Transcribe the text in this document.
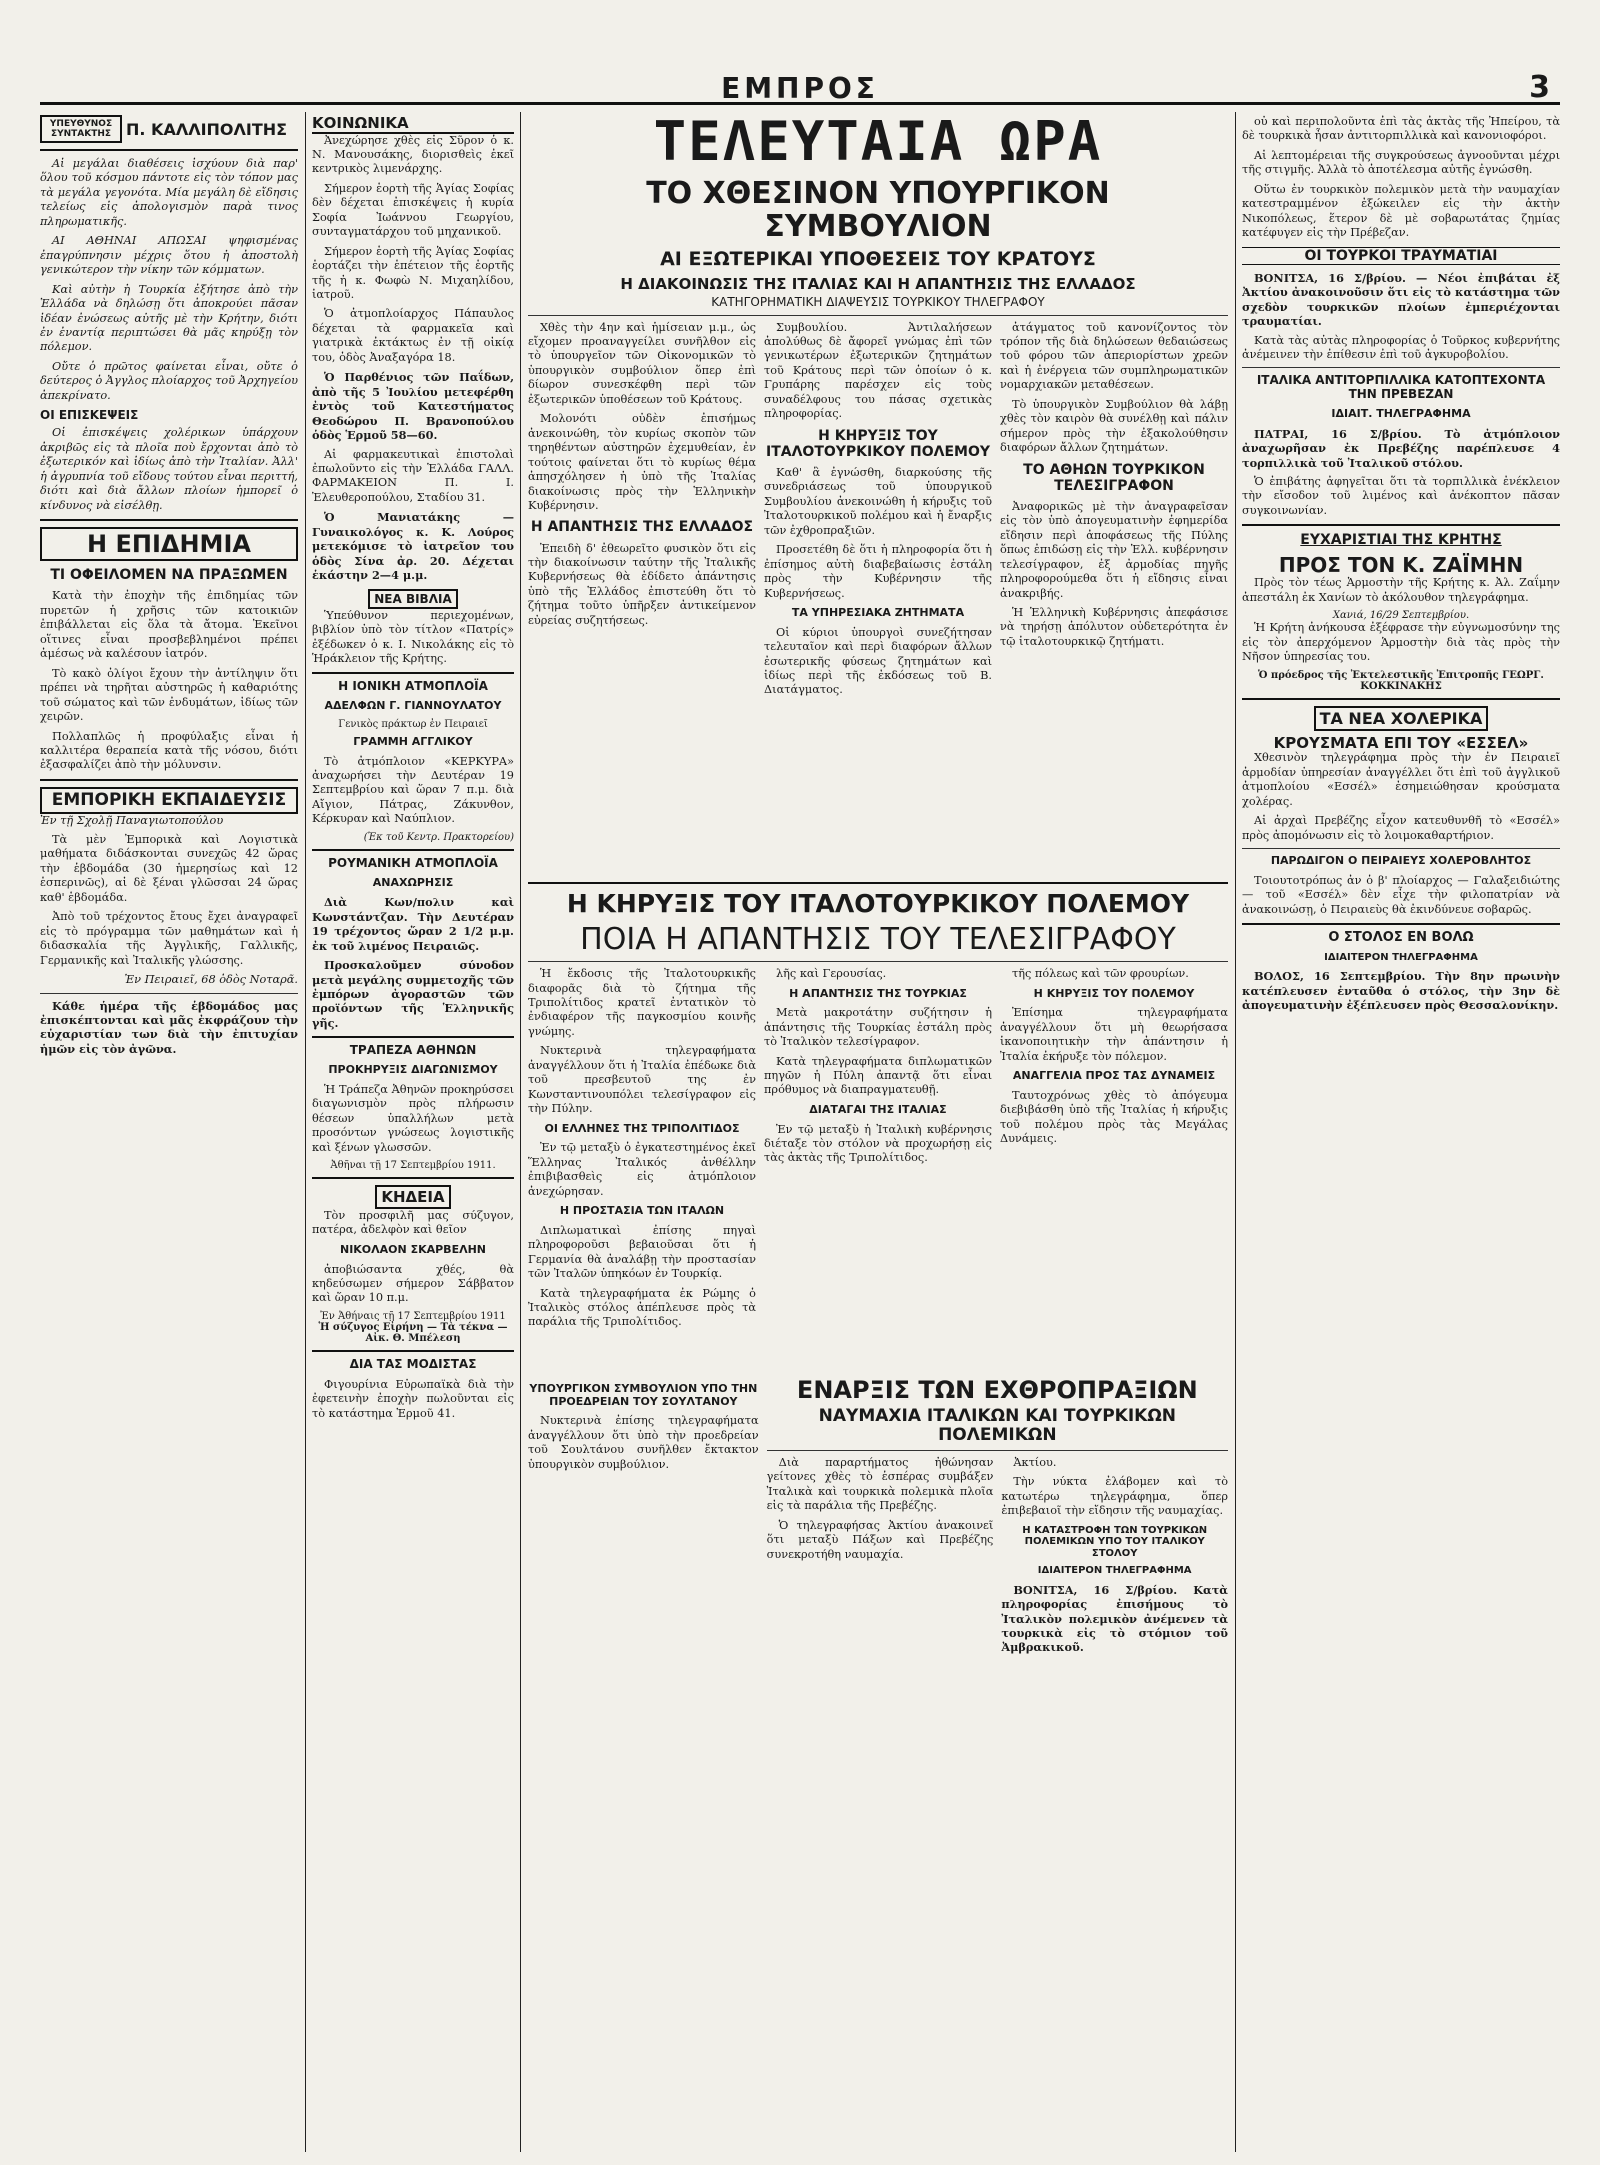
ΕΜΠΡΟΣ	3
ΥΠΕΥΘΥΝΟΣ ΣΥΝΤΑΚΤΗΣ Π. ΚΑΛΛΙΠΟΛΙΤΗΣ

Αἱ μεγάλαι διαθέσεις ἰσχύουν διὰ παρ' ὅλου τοῦ κόσμου πάντοτε εἰς τὸν τόπον μας τὰ μεγάλα γεγονότα. Μία μεγάλη δὲ εἴδησις τελείως εἰς ἀπολογισμὸν παρὰ τινος πληρωματικῆς.

ΑΙ ΑΘΗΝΑΙ ΑΠΩΣΑΙ ψηφισμένας ἐπαγρύπνησιν μέχρις ὅτου ἡ ἀποστολὴ γενικώτερον τὴν νίκην τῶν κόμματων.

Καὶ αὐτὴν ἡ Τουρκία ἐξήτησε ἀπὸ τὴν Ἑλλάδα νὰ δηλώσῃ ὅτι ἀποκρούει πᾶσαν ἰδέαν ἐνώσεως αὐτῆς μὲ τὴν Κρήτην, διότι ἐν ἐναντίᾳ περιπτώσει θὰ μᾶς κηρύξῃ τὸν πόλεμον.

Οὔτε ὁ πρῶτος φαίνεται εἶναι, οὔτε ὁ δεύτερος ὁ Ἀγγλος πλοίαρχος τοῦ Ἀρχηγείου ἀπεκρίνατο.

ΟΙ ΕΠΙΣΚΕΨΕΙΣ

Οἱ ἐπισκέψεις χολέρικων ὑπάρχουν ἀκριβῶς εἰς τὰ πλοῖα ποὺ ἔρχονται ἀπὸ τὸ ἐξωτερικόν καὶ ἰδίως ἀπὸ τὴν Ἰταλίαν. Ἀλλ' ἡ ἀγρυπνία τοῦ εἴδους τούτου εἶναι περιττή, διότι καὶ διὰ ἄλλων πλοίων ἠμπορεῖ ὁ κίνδυνος νὰ εἰσέλθῃ.

Η ΕΠΙΔΗΜΙΑ
ΤΙ ΟΦΕΙΛΟΜΕΝ ΝΑ ΠΡΑΞΩΜΕΝ

Κατὰ τὴν ἐποχὴν τῆς ἐπιδημίας τῶν πυρετῶν ἡ χρῆσις τῶν κατοικιῶν ἐπιβάλλεται εἰς ὅλα τὰ ἄτομα. Ἐκεῖνοι οἵτινες εἶναι προσβεβλημένοι πρέπει ἀμέσως νὰ καλέσουν ἰατρόν.

Τὸ κακὸ ὀλίγοι ἔχουν τὴν ἀντίληψιν ὅτι πρέπει νὰ τηρῆται αὐστηρῶς ἡ καθαριότης τοῦ σώματος καὶ τῶν ἐνδυμάτων, ἰδίως τῶν χειρῶν.

Πολλαπλῶς ἡ προφύλαξις εἶναι ἡ καλλιτέρα θεραπεία κατὰ τῆς νόσου, διότι ἐξασφαλίζει ἀπὸ τὴν μόλυνσιν.

ΕΜΠΟΡΙΚΗ ΕΚΠΑΙΔΕΥΣΙΣ
Ἐν τῇ Σχολῇ Παναγιωτοπούλου

Τὰ μὲν Ἐμπορικὰ καὶ Λογιστικὰ μαθήματα διδάσκονται συνεχῶς 42 ὥρας τὴν ἑβδομάδα (30 ἡμερησίως καὶ 12 ἑσπερινῶς), αἱ δὲ ξέναι γλῶσσαι 24 ὥρας καθ' ἑβδομάδα.

Ἀπὸ τοῦ τρέχοντος ἔτους ἔχει ἀναγραφεῖ εἰς τὸ πρόγραμμα τῶν μαθημάτων καὶ ἡ διδασκαλία τῆς Ἀγγλικῆς, Γαλλικῆς, Γερμανικῆς καὶ Ἰταλικῆς γλώσσης.

Ἐν Πειραιεῖ, 68 ὁδὸς Νοταρᾶ.

Κάθε ἡμέρα τῆς ἑβδομάδος μας ἐπισκέπτονται καὶ μᾶς ἐκφράζουν τὴν εὐχαριστίαν των διὰ τὴν ἐπιτυχίαν ἡμῶν εἰς τὸν ἀγῶνα.

ΚΟΙΝΩΝΙΚΑ

Ἀνεχώρησε χθὲς εἰς Σῦρον ὁ κ. Ν. Μανουσάκης, διορισθεὶς ἐκεῖ κεντρικὸς λιμενάρχης.

Σήμερον ἑορτὴ τῆς Ἁγίας Σοφίας δὲν δέχεται ἐπισκέψεις ἡ κυρία Σοφία Ἰωάννου Γεωργίου, συνταγματάρχου τοῦ μηχανικοῦ.

Σήμερον ἑορτὴ τῆς Ἁγίας Σοφίας ἑορτάζει τὴν ἑπέτειον τῆς ἑορτῆς τῆς ἡ κ. Φωφὼ Ν. Μιχαηλίδου, ἰατροῦ.

Ὁ ἀτμοπλοίαρχος Πάπαυλος δέχεται τὰ φαρμακεῖα καὶ γιατρικὰ ἐκτάκτως ἐν τῇ οἰκίᾳ του, ὁδὸς Ἀναξαγόρα 18.

Ὁ Παρθένιος τῶν Παΐδων, ἀπὸ τῆς 5 Ἰουλίου μετεφέρθη ἐντὸς τοῦ Κατεστήματος Θεοδώρου Π. Βρανοπούλου ὁδὸς Ἑρμοῦ 58—60.

Αἱ φαρμακευτικαὶ ἐπιστολαὶ ἐπωλοῦντο εἰς τὴν Ἑλλάδα ΓΑΛΛ. ΦΑΡΜΑΚΕΙΟΝ Π. Ι. Ἐλευθεροπούλου, Σταδίου 31.

Ὁ Μανιατάκης — Γυναικολόγος κ. Κ. Λούρος μετεκόμισε τὸ ἰατρεῖον του ὁδὸς Σίνα ἀρ. 20. Δέχεται ἑκάστην 2—4 μ.μ.

ΝΕΑ ΒΙΒΛΙΑ

Ὑπεύθυνον περιεχομένων, βιβλίον ὑπὸ τὸν τίτλον «Πατρίς» ἐξέδωκεν ὁ κ. Ι. Νικολάκης εἰς τὸ Ἡράκλειον τῆς Κρήτης.

Η ΙΟΝΙΚΗ ΑΤΜΟΠΛΟΪΑ
ΑΔΕΛΦΩΝ Γ. ΓΙΑΝΝΟΥΛΑΤΟΥ
Γενικὸς πράκτωρ ἐν Πειραιεῖ
ΓΡΑΜΜΗ ΑΓΓΛΙΚΟΥ

Τὸ ἀτμόπλοιον «ΚΕΡΚΥΡΑ» ἀναχωρήσει τὴν Δευτέραν 19 Σεπτεμβρίου καὶ ὥραν 7 π.μ. διὰ Αἴγιον, Πάτρας, Ζάκυνθον, Κέρκυραν καὶ Ναύπλιον.

(Ἐκ τοῦ Κεντρ. Πρακτορείου)
ΡΟΥΜΑΝΙΚΗ ΑΤΜΟΠΛΟΪΑ
ΑΝΑΧΩΡΗΣΙΣ

Διὰ Κων/πολιν καὶ Κωνστάντζαν. Τὴν Δευτέραν 19 τρέχοντος ὥραν 2 1/2 μ.μ. ἐκ τοῦ λιμένος Πειραιῶς.

Προσκαλοῦμεν σύνοδον μετὰ μεγάλης συμμετοχῆς τῶν ἐμπόρων ἀγοραστῶν τῶν προϊόντων τῆς Ἑλληνικῆς γῆς.

ΤΡΑΠΕΖΑ ΑΘΗΝΩΝ
ΠΡΟΚΗΡΥΞΙΣ ΔΙΑΓΩΝΙΣΜΟΥ

Ἡ Τράπεζα Ἀθηνῶν προκηρύσσει διαγωνισμὸν πρὸς πλήρωσιν θέσεων ὑπαλλήλων μετὰ προσόντων γνώσεως λογιστικῆς καὶ ξένων γλωσσῶν.

Ἀθῆναι τῇ 17 Σεπτεμβρίου 1911.
ΚΗΔΕΙΑ

Τὸν προσφιλῆ μας σύζυγον, πατέρα, ἀδελφὸν καὶ θεῖον

ΝΙΚΟΛΑΟΝ ΣΚΑΡΒΕΛΗΝ

ἀποβιώσαντα χθές, θὰ κηδεύσωμεν σήμερον Σάββατον καὶ ὥραν 10 π.μ.

Ἐν Ἀθήναις τῇ 17 Σεπτεμβρίου 1911
Ἡ σύζυγος Εἰρήνη — Τὰ τέκνα — Αἰκ. Θ. Μπέλεση
ΔΙΑ ΤΑΣ ΜΟΔΙΣΤΑΣ

Φιγουρίνια Εὐρωπαϊκὰ διὰ τὴν ἐφετεινὴν ἐποχὴν πωλοῦνται εἰς τὸ κατάστημα Ἑρμοῦ 41.

ΤΕΛΕΥΤΑΙΑ ΩΡΑ
ΤΟ ΧΘΕΣΙΝΟΝ ΥΠΟΥΡΓΙΚΟΝ ΣΥΜΒΟΥΛΙΟΝ
ΑΙ ΕΞΩΤΕΡΙΚΑΙ ΥΠΟΘΕΣΕΙΣ ΤΟΥ ΚΡΑΤΟΥΣ
Η ΔΙΑΚΟΙΝΩΣΙΣ ΤΗΣ ΙΤΑΛΙΑΣ ΚΑΙ Η ΑΠΑΝΤΗΣΙΣ ΤΗΣ ΕΛΛΑΔΟΣ
ΚΑΤΗΓΟΡΗΜΑΤΙΚΗ ΔΙΑΨΕΥΣΙΣ ΤΟΥΡΚΙΚΟΥ ΤΗΛΕΓΡΑΦΟΥ

Χθὲς τὴν 4ην καὶ ἡμίσειαν μ.μ., ὡς εἴχομεν προαναγγείλει συνῆλθον εἰς τὸ ὑπουργεῖον τῶν Οἰκονομικῶν τὸ ὑπουργικὸν συμβούλιον ὅπερ ἐπὶ δίωρον συνεσκέφθη περὶ τῶν ἐξωτερικῶν ὑποθέσεων τοῦ Κράτους.

Μολονότι οὐδὲν ἐπισήμως ἀνεκοινώθη, τὸν κυρίως σκοπὸν τῶν τηρηθέντων αὐστηρῶν ἐχεμυθείαν, ἐν τούτοις φαίνεται ὅτι τὸ κυρίως θέμα ἀπησχόλησεν ἡ ὑπὸ τῆς Ἰταλίας διακοίνωσις πρὸς τὴν Ἑλληνικὴν Κυβέρνησιν.

Η ΑΠΑΝΤΗΣΙΣ ΤΗΣ ΕΛΛΑΔΟΣ

Ἐπειδὴ δ' ἐθεωρεῖτο φυσικὸν ὅτι εἰς τὴν διακοίνωσιν ταύτην τῆς Ἰταλικῆς Κυβερνήσεως θὰ ἐδίδετο ἀπάντησις ὑπὸ τῆς Ἑλλάδος ἐπιστεύθη ὅτι τὸ ζήτημα τοῦτο ὑπῆρξεν ἀντικείμενον εὐρείας συζητήσεως.

Συμβουλίου. Ἀντιλαλήσεων ἀπολύθως δὲ ἄφορεῖ γνώμας ἐπὶ τῶν γενικωτέρων ἐξωτερικῶν ζητημάτων τοῦ Κράτους περὶ τῶν ὁποίων ὁ κ. Γρυπάρης παρέσχεν εἰς τοὺς συναδέλφους του πάσας σχετικὰς πληροφορίας.

Η ΚΗΡΥΞΙΣ ΤΟΥ ΙΤΑΛΟΤΟΥΡΚΙΚΟΥ ΠΟΛΕΜΟΥ

Καθ' ἃ ἐγνώσθη, διαρκούσης τῆς συνεδριάσεως τοῦ ὑπουργικοῦ Συμβουλίου ἀνεκοινώθη ἡ κήρυξις τοῦ Ἰταλοτουρκικοῦ πολέμου καὶ ἡ ἔναρξις τῶν ἐχθροπραξιῶν.

Προσετέθη δὲ ὅτι ἡ πληροφορία ὅτι ἡ ἐπίσημος αὐτὴ διαβεβαίωσις ἐστάλη πρὸς τὴν Κυβέρνησιν τῆς Κυβερνήσεως.

ΤΑ ΥΠΗΡΕΣΙΑΚΑ ΖΗΤΗΜΑΤΑ

Οἱ κύριοι ὑπουργοὶ συνεζήτησαν τελευταῖον καὶ περὶ διαφόρων ἄλλων ἐσωτερικῆς φύσεως ζητημάτων καὶ ἰδίως περὶ τῆς ἐκδόσεως τοῦ Β. Διατάγματος.

ἀτάγματος τοῦ κανονίζοντος τὸν τρόπον τῆς διὰ δηλώσεων θεδαιώσεως τοῦ φόρου τῶν ἀπεριορίστων χρεῶν καὶ ἡ ἐνέργεια τῶν συμπληρωματικῶν νομαρχιακῶν μεταθέσεων.

Τὸ ὑπουργικὸν Συμβούλιον θὰ λάβῃ χθὲς τὸν καιρὸν θὰ συνέλθῃ καὶ πάλιν σήμερον πρὸς τὴν ἐξακολούθησιν διαφόρων ἄλλων ζητημάτων.

ΤΟ ΑΘΗΩΝ ΤΟΥΡΚΙΚΟΝ ΤΕΛΕΣΙΓΡΑΦΟΝ

Ἀναφορικῶς μὲ τὴν ἀναγραφεῖσαν εἰς τὸν ὑπὸ ἀπογευματινὴν ἐφημερίδα εἴδησιν περὶ ἀποφάσεως τῆς Πύλης ὅπως ἐπιδώσῃ εἰς τὴν Ἑλλ. κυβέρνησιν τελεσίγραφον, ἐξ ἀρμοδίας πηγῆς πληροφορούμεθα ὅτι ἡ εἴδησις εἶναι ἀνακριβής.

Ἡ Ἑλληνικὴ Κυβέρνησις ἀπεφάσισε νὰ τηρήσῃ ἀπόλυτον οὐδετερότητα ἐν τῷ ἰταλοτουρκικῷ ζητήματι.

Η ΚΗΡΥΞΙΣ ΤΟΥ ΙΤΑΛΟΤΟΥΡΚΙΚΟΥ ΠΟΛΕΜΟΥ
ΠΟΙΑ Η ΑΠΑΝΤΗΣΙΣ ΤΟΥ ΤΕΛΕΣΙΓΡΑΦΟΥ

Ἡ ἔκδοσις τῆς Ἰταλοτουρκικῆς διαφορᾶς διὰ τὸ ζήτημα τῆς Τριπολίτιδος κρατεῖ ἐντατικὸν τὸ ἐνδιαφέρον τῆς παγκοσμίου κοινῆς γνώμης.

Νυκτερινὰ τηλεγραφήματα ἀναγγέλλουν ὅτι ἡ Ἰταλία ἐπέδωκε διὰ τοῦ πρεσβευτοῦ της ἐν Κωνσταντινουπόλει τελεσίγραφον εἰς τὴν Πύλην.

ΟΙ ΕΛΛΗΝΕΣ ΤΗΣ ΤΡΙΠΟΛΙΤΙΔΟΣ

Ἐν τῷ μεταξὺ ὁ ἐγκατεστημένος ἐκεῖ Ἕλληνας Ἰταλικός ἀνθέλλην ἐπιβιβασθεὶς εἰς ἀτμόπλοιον ἀνεχώρησαν.

Η ΠΡΟΣΤΑΣΙΑ ΤΩΝ ΙΤΑΛΩΝ

Διπλωματικαὶ ἐπίσης πηγαὶ πληροφοροῦσι βεβαιοῦσαι ὅτι ἡ Γερμανία θὰ ἀναλάβῃ τὴν προστασίαν τῶν Ἰταλῶν ὑπηκόων ἐν Τουρκίᾳ.

Κατὰ τηλεγραφήματα ἐκ Ρώμης ὁ Ἰταλικὸς στόλος ἀπέπλευσε πρὸς τὰ παράλια τῆς Τριπολίτιδος.

λῆς καὶ Γερουσίας.

Η ΑΠΑΝΤΗΣΙΣ ΤΗΣ ΤΟΥΡΚΙΑΣ

Μετὰ μακροτάτην συζήτησιν ἡ ἀπάντησις τῆς Τουρκίας ἐστάλη πρὸς τὸ Ἰταλικὸν τελεσίγραφον.

Κατὰ τηλεγραφήματα διπλωματικῶν πηγῶν ἡ Πύλη ἀπαντᾷ ὅτι εἶναι πρόθυμος νὰ διαπραγματευθῇ.

ΔΙΑΤΑΓΑΙ ΤΗΣ ΙΤΑΛΙΑΣ

Ἐν τῷ μεταξὺ ἡ Ἰταλικὴ κυβέρνησις διέταξε τὸν στόλον νὰ προχωρήσῃ εἰς τὰς ἀκτὰς τῆς Τριπολίτιδος.

τῆς πόλεως καὶ τῶν φρουρίων.

Η ΚΗΡΥΞΙΣ ΤΟΥ ΠΟΛΕΜΟΥ

Ἐπίσημα τηλεγραφήματα ἀναγγέλλουν ὅτι μὴ θεωρήσασα ἱκανοποιητικὴν τὴν ἀπάντησιν ἡ Ἰταλία ἐκήρυξε τὸν πόλεμον.

ΑΝΑΓΓΕΛΙΑ ΠΡΟΣ ΤΑΣ ΔΥΝΑΜΕΙΣ

Ταυτοχρόνως χθὲς τὸ ἀπόγευμα διεβιβάσθη ὑπὸ τῆς Ἰταλίας ἡ κήρυξις τοῦ πολέμου πρὸς τὰς Μεγάλας Δυνάμεις.

ΥΠΟΥΡΓΙΚΟΝ ΣΥΜΒΟΥΛΙΟΝ ΥΠΟ ΤΗΝ ΠΡΟΕΔΡΕΙΑΝ ΤΟΥ ΣΟΥΛΤΑΝΟΥ

Νυκτερινὰ ἐπίσης τηλεγραφήματα ἀναγγέλλουν ὅτι ὑπὸ τὴν προεδρείαν τοῦ Σουλτάνου συνῆλθεν ἔκτακτον ὑπουργικὸν συμβούλιον.

ΕΝΑΡΞΙΣ ΤΩΝ ΕΧΘΡΟΠΡΑΞΙΩΝ
ΝΑΥΜΑΧΙΑ ΙΤΑΛΙΚΩΝ ΚΑΙ ΤΟΥΡΚΙΚΩΝ ΠΟΛΕΜΙΚΩΝ

Διὰ παραρτήματος ἠθώνησαν γείτονες χθὲς τὸ ἑσπέρας συμβάξεν Ἰταλικὰ καὶ τουρκικὰ πολεμικὰ πλοῖα εἰς τὰ παράλια τῆς Πρεβέζης.

Ὁ τηλεγραφήσας Ἀκτίου ἀνακοινεῖ ὅτι μεταξὺ Πάξων καὶ Πρεβέζης συνεκροτήθη ναυμαχία.

Ἀκτίου.

Τὴν νύκτα ἐλάβομεν καὶ τὸ κατωτέρω τηλεγράφημα, ὅπερ ἐπιβεβαιοῖ τὴν εἴδησιν τῆς ναυμαχίας.

Η ΚΑΤΑΣΤΡΟΦΗ ΤΩΝ ΤΟΥΡΚΙΚΩΝ ΠΟΛΕΜΙΚΩΝ ΥΠΟ ΤΟΥ ΙΤΑΛΙΚΟΥ ΣΤΟΛΟΥ
ΙΔΙΑΙΤΕΡΟΝ ΤΗΛΕΓΡΑΦΗΜΑ

ΒΟΝΙΤΣΑ, 16 Σ/βρίου. Κατὰ πληροφορίας ἐπισήμους τὸ Ἰταλικὸν πολεμικὸν ἀνέμενεν τὰ τουρκικὰ εἰς τὸ στόμιον τοῦ Ἀμβρακικοῦ.

οὐ καὶ περιπολοῦντα ἐπὶ τὰς ἀκτὰς τῆς Ἠπείρου, τὰ δὲ τουρκικὰ ἦσαν ἀντιτορπιλλικὰ καὶ κανονιοφόροι.

Αἱ λεπτομέρειαι τῆς συγκρούσεως ἀγνοοῦνται μέχρι τῆς στιγμῆς. Ἀλλὰ τὸ ἀποτέλεσμα αὐτῆς ἐγνώσθη.

Οὕτω ἐν τουρκικὸν πολεμικὸν μετὰ τὴν ναυμαχίαν κατεστραμμένον ἐξώκειλεν εἰς τὴν ἀκτὴν Νικοπόλεως, ἕτερον δὲ μὲ σοβαρωτάτας ζημίας κατέφυγεν εἰς τὴν Πρέβεζαν.

ΟΙ ΤΟΥΡΚΟΙ ΤΡΑΥΜΑΤΙΑΙ

ΒΟΝΙΤΣΑ, 16 Σ/βρίου. — Νέοι ἐπιβάται ἐξ Ἀκτίου ἀνακοινοῦσιν ὅτι εἰς τὸ κατάστημα τῶν σχεδὸν τουρκικῶν πλοίων ἐμπεριέχονται τραυματίαι.

Κατὰ τὰς αὐτὰς πληροφορίας ὁ Τοῦρκος κυβερνήτης ἀνέμεινεν τὴν ἐπίθεσιν ἐπὶ τοῦ ἀγκυροβολίου.

ΙΤΑΛΙΚΑ ΑΝΤΙΤΟΡΠΙΛΛΙΚΑ ΚΑΤΟΠΤΕΧΟΝΤΑ ΤΗΝ ΠΡΕΒΕΖΑΝ
ΙΔΙΑΙΤ. ΤΗΛΕΓΡΑΦΗΜΑ

ΠΑΤΡΑΙ, 16 Σ/βρίου. Τὸ ἀτμόπλοιον ἀναχωρῆσαν ἐκ Πρεβέζης παρέπλευσε 4 τορπιλλικὰ τοῦ Ἰταλικοῦ στόλου.

Ὁ ἐπιβάτης ἀφηγεῖται ὅτι τὰ τορπιλλικὰ ἐνέκλειον τὴν εἴσοδον τοῦ λιμένος καὶ ἀνέκοπτον πᾶσαν συγκοινωνίαν.

ΕΥΧΑΡΙΣΤΙΑΙ ΤΗΣ ΚΡΗΤΗΣ
ΠΡΟΣ ΤΟΝ Κ. ΖΑΪΜΗΝ

Πρὸς τὸν τέως Ἁρμοστὴν τῆς Κρήτης κ. Ἀλ. Ζαΐμην ἀπεστάλη ἐκ Χανίων τὸ ἀκόλουθον τηλεγράφημα.

Χανιά, 16/29 Σεπτεμβρίου.

Ἡ Κρήτη ἀνήκουσα ἐξέφρασε τὴν εὐγνωμοσύνην της εἰς τὸν ἀπερχόμενον Ἁρμοστὴν διὰ τὰς πρὸς τὴν Νῆσον ὑπηρεσίας του.

Ὁ πρόεδρος τῆς Ἐκτελεστικῆς Ἐπιτροπῆς ΓΕΩΡΓ. ΚΟΚΚΙΝΑΚΗΣ
ΤΑ ΝΕΑ ΧΟΛΕΡΙΚΑ
ΚΡΟΥΣΜΑΤΑ ΕΠΙ ΤΟΥ «ΕΣΣΕΛ»

Χθεσινὸν τηλεγράφημα πρὸς τὴν ἐν Πειραιεῖ ἀρμοδίαν ὑπηρεσίαν ἀναγγέλλει ὅτι ἐπὶ τοῦ ἀγγλικοῦ ἀτμοπλοίου «Εσσέλ» ἐσημειώθησαν κρούσματα χολέρας.

Αἱ ἀρχαὶ Πρεβέζης εἶχον κατευθυνθῆ τὸ «Εσσέλ» πρὸς ἀπομόνωσιν εἰς τὸ λοιμοκαθαρτήριον.

ΠΑΡΩΔΙΓΟΝ Ο ΠΕΙΡΑΙΕΥΣ ΧΟΛΕΡΟΒΛΗΤΟΣ

Τοιουτοτρόπως ἀν ὁ β' πλοίαρχος — Γαλαξειδιώτης — τοῦ «Εσσέλ» δὲν εἶχε τὴν φιλοπατρίαν νὰ ἀνακοινώσῃ, ὁ Πειραιεὺς θὰ ἐκινδύνευε σοβαρῶς.

Ο ΣΤΟΛΟΣ ΕΝ ΒΟΛΩ
ΙΔΙΑΙΤΕΡΟΝ ΤΗΛΕΓΡΑΦΗΜΑ

ΒΟΛΟΣ, 16 Σεπτεμβρίου. Τὴν 8ην πρωινὴν κατέπλευσεν ἐνταῦθα ὁ στόλος, τὴν 3ην δὲ ἀπογευματινὴν ἐξέπλευσεν πρὸς Θεσσαλονίκην.
